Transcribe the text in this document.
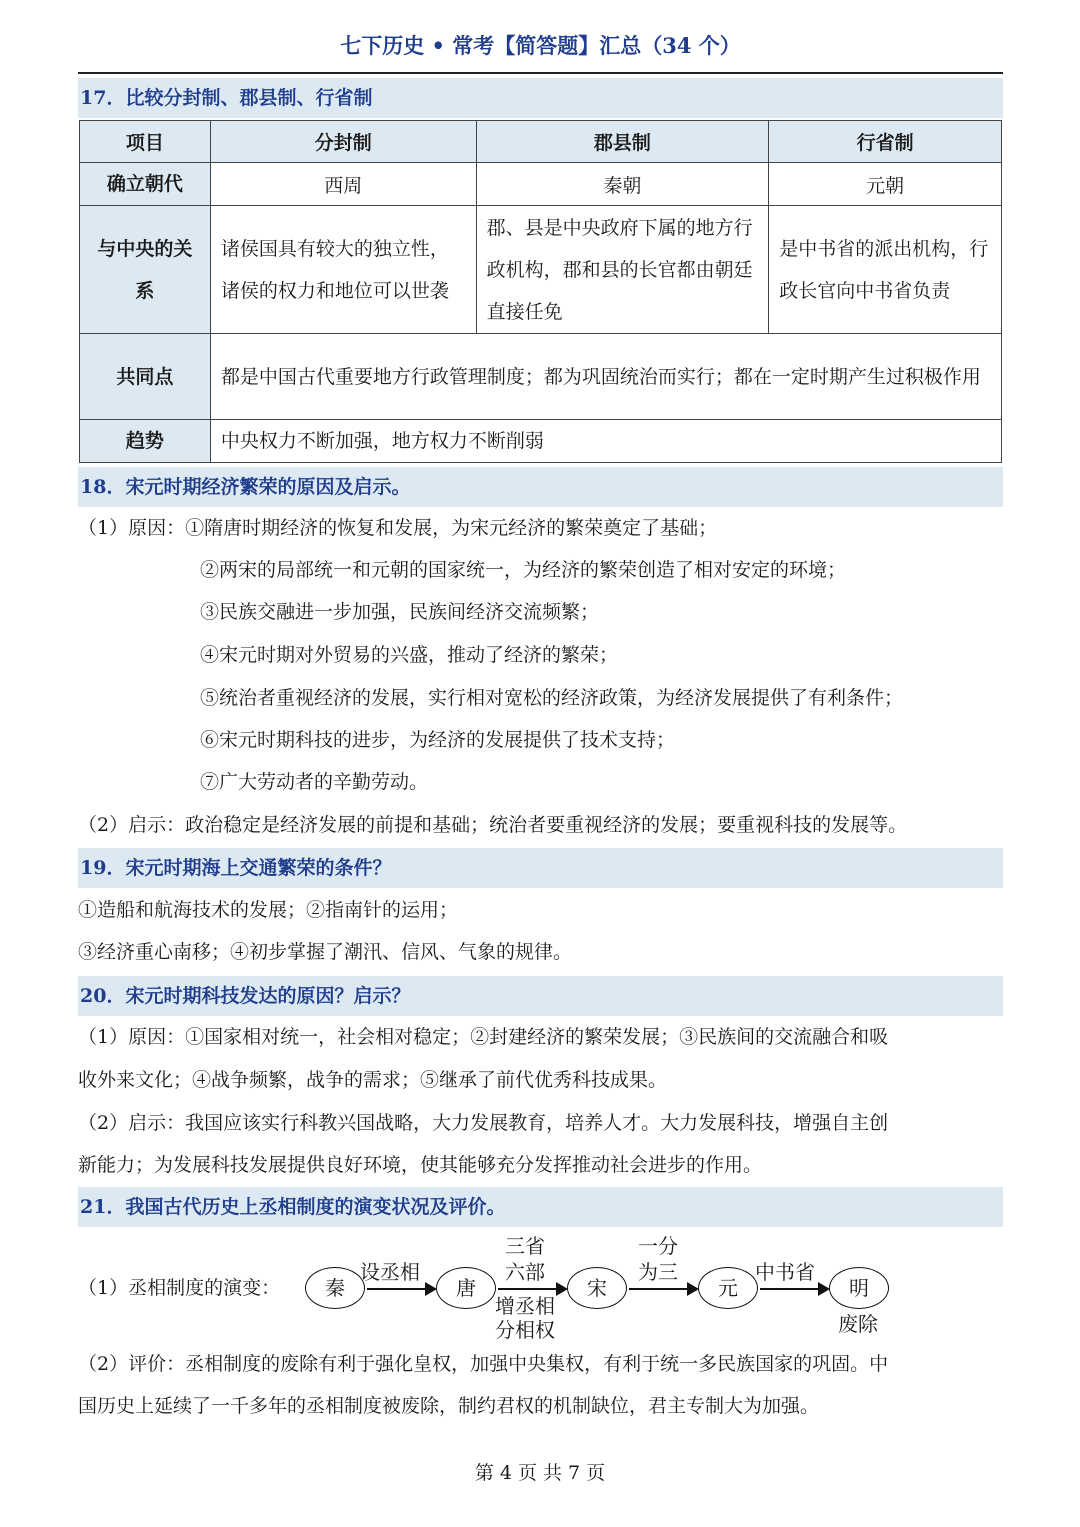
七下历史 • 常考【简答题】汇总（34 个）
17．比较分封制、郡县制、行省制
项目	分封制	郡县制	行省制
确立朝代	西周	秦朝	元朝
与中央的关系	诸侯国具有较大的独立性，诸侯的权力和地位可以世袭	郡、县是中央政府下属的地方行政机构，郡和县的长官都由朝廷直接任免	是中书省的派出机构，行政长官向中书省负责
共同点	都是中国古代重要地方行政管理制度；都为巩固统治而实行；都在一定时期产生过积极作用		
趋势	中央权力不断加强，地方权力不断削弱		
18．宋元时期经济繁荣的原因及启示。
（1）原因：①隋唐时期经济的恢复和发展，为宋元经济的繁荣奠定了基础；
②两宋的局部统一和元朝的国家统一，为经济的繁荣创造了相对安定的环境；
③民族交融进一步加强，民族间经济交流频繁；
④宋元时期对外贸易的兴盛，推动了经济的繁荣；
⑤统治者重视经济的发展，实行相对宽松的经济政策，为经济发展提供了有利条件；
⑥宋元时期科技的进步，为经济的发展提供了技术支持；
⑦广大劳动者的辛勤劳动。
（2）启示：政治稳定是经济发展的前提和基础；统治者要重视经济的发展；要重视科技的发展等。
19．宋元时期海上交通繁荣的条件？
①造船和航海技术的发展；②指南针的运用；
③经济重心南移；④初步掌握了潮汛、信风、气象的规律。
20．宋元时期科技发达的原因？启示？
（1）原因：①国家相对统一，社会相对稳定；②封建经济的繁荣发展；③民族间的交流融合和吸
收外来文化；④战争频繁，战争的需求；⑤继承了前代优秀科技成果。
（2）启示：我国应该实行科教兴国战略，大力发展教育，培养人才。大力发展科技，增强自主创
新能力；为发展科技发展提供良好环境，使其能够充分发挥推动社会进步的作用。
21．我国古代历史上丞相制度的演变状况及评价。
（1）丞相制度的演变：	秦
设丞相
唐
三省
六部
增丞相
分相权
宋
一分
为三
元
中书省
明
废除
（2）评价：丞相制度的废除有利于强化皇权，加强中央集权，有利于统一多民族国家的巩固。中
国历史上延续了一千多年的丞相制度被废除，制约君权的机制缺位，君主专制大为加强。
第 4 页 共 7 页
